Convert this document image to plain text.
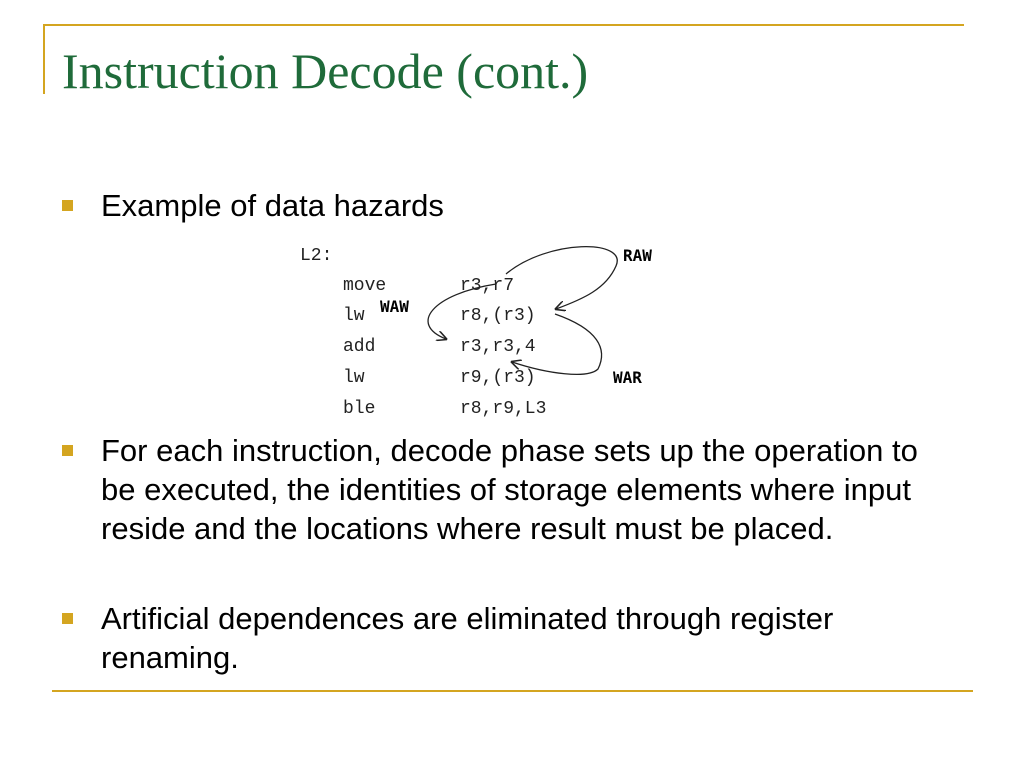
Instruction Decode (cont.)
Example of data hazards
L2:
move	r3,r7
lw	r8,(r3)
add	r3,r3,4
lw	r9,(r3)
ble	r8,r9,L3
RAW
WAW
WAR
For each instruction, decode phase sets up the operation to be executed, the identities of storage elements where input reside and the locations where result must be placed.
Artificial dependences are eliminated through register renaming.
